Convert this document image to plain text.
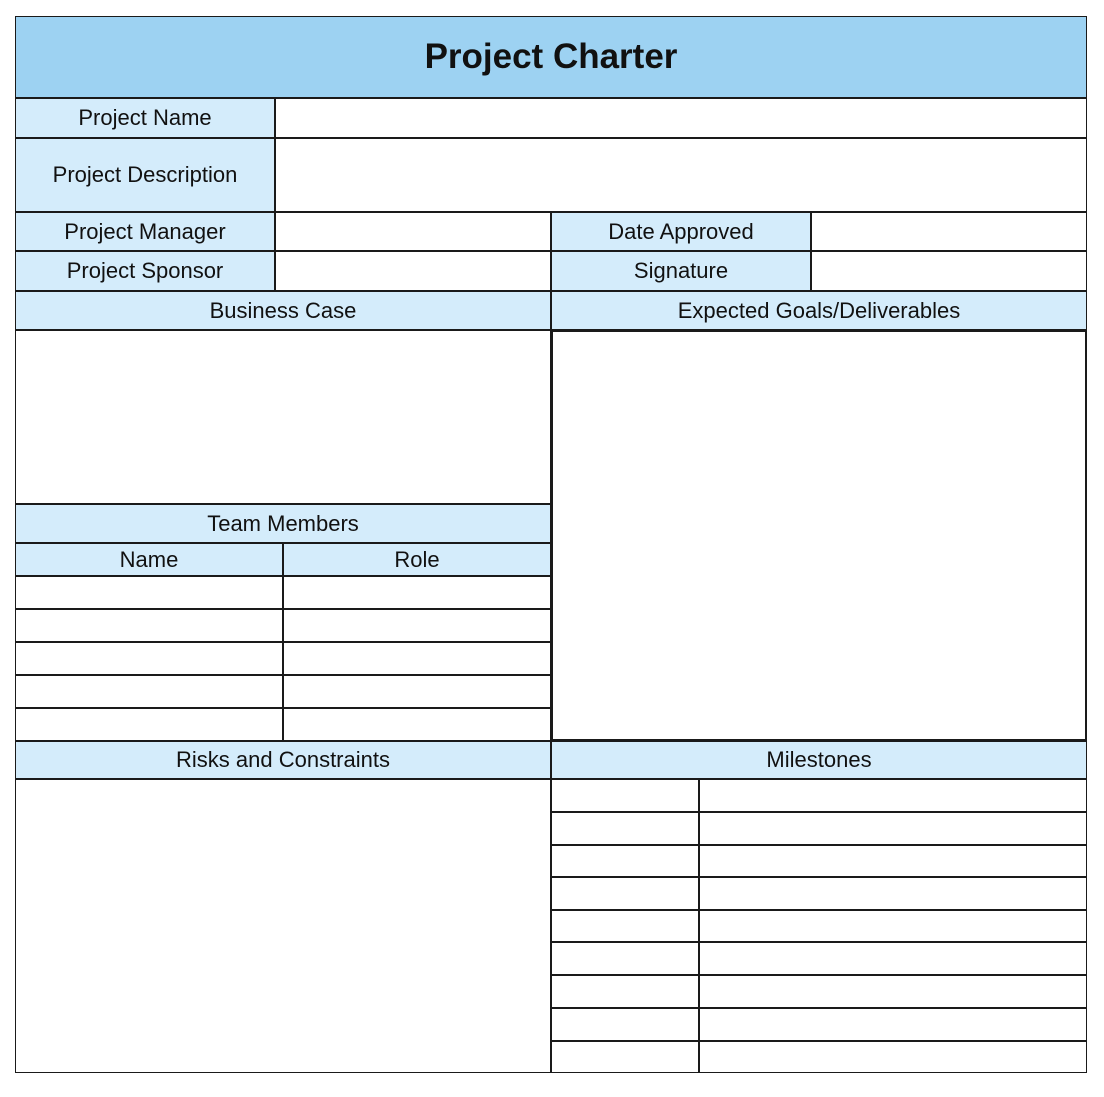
Project Charter
Project Name
Project Description
Project Manager	Date Approved
Project Sponsor	Signature
Business Case	Expected Goals/Deliverables
Team Members
Name	Role
Risks and Constraints	Milestones
